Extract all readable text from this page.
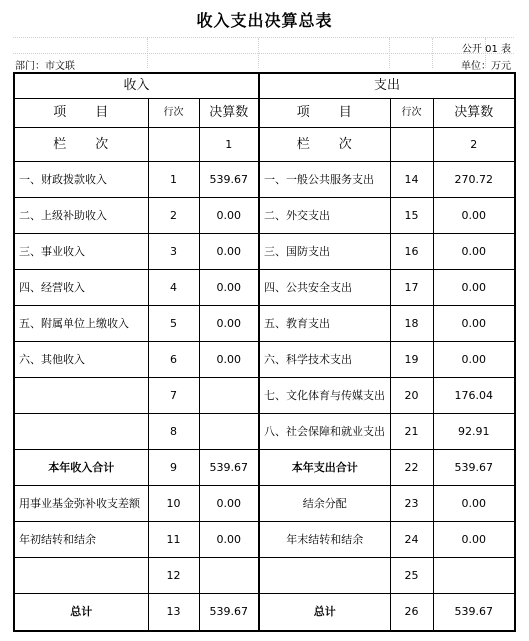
收入支出决算总表
公开 01 表
部门：市文联	单位：万元
收入			支出		
项　　目	行次	决算数	项　　目	行次	决算数
栏　　次		1	栏　　次		2
一、财政拨款收入	1	539.67	一、一般公共服务支出	14	270.72
二、上级补助收入	2	0.00	二、外交支出	15	0.00
三、事业收入	3	0.00	三、国防支出	16	0.00
四、经营收入	4	0.00	四、公共安全支出	17	0.00
五、附属单位上缴收入	5	0.00	五、教育支出	18	0.00
六、其他收入	6	0.00	六、科学技术支出	19	0.00
	7		七、文化体育与传媒支出	20	176.04
	8		八、社会保障和就业支出	21	92.91
本年收入合计	9	539.67	本年支出合计	22	539.67
用事业基金弥补收支差额	10	0.00	结余分配	23	0.00
年初结转和结余	11	0.00	年末结转和结余	24	0.00
	12			25	
总计	13	539.67	总计	26	539.67
